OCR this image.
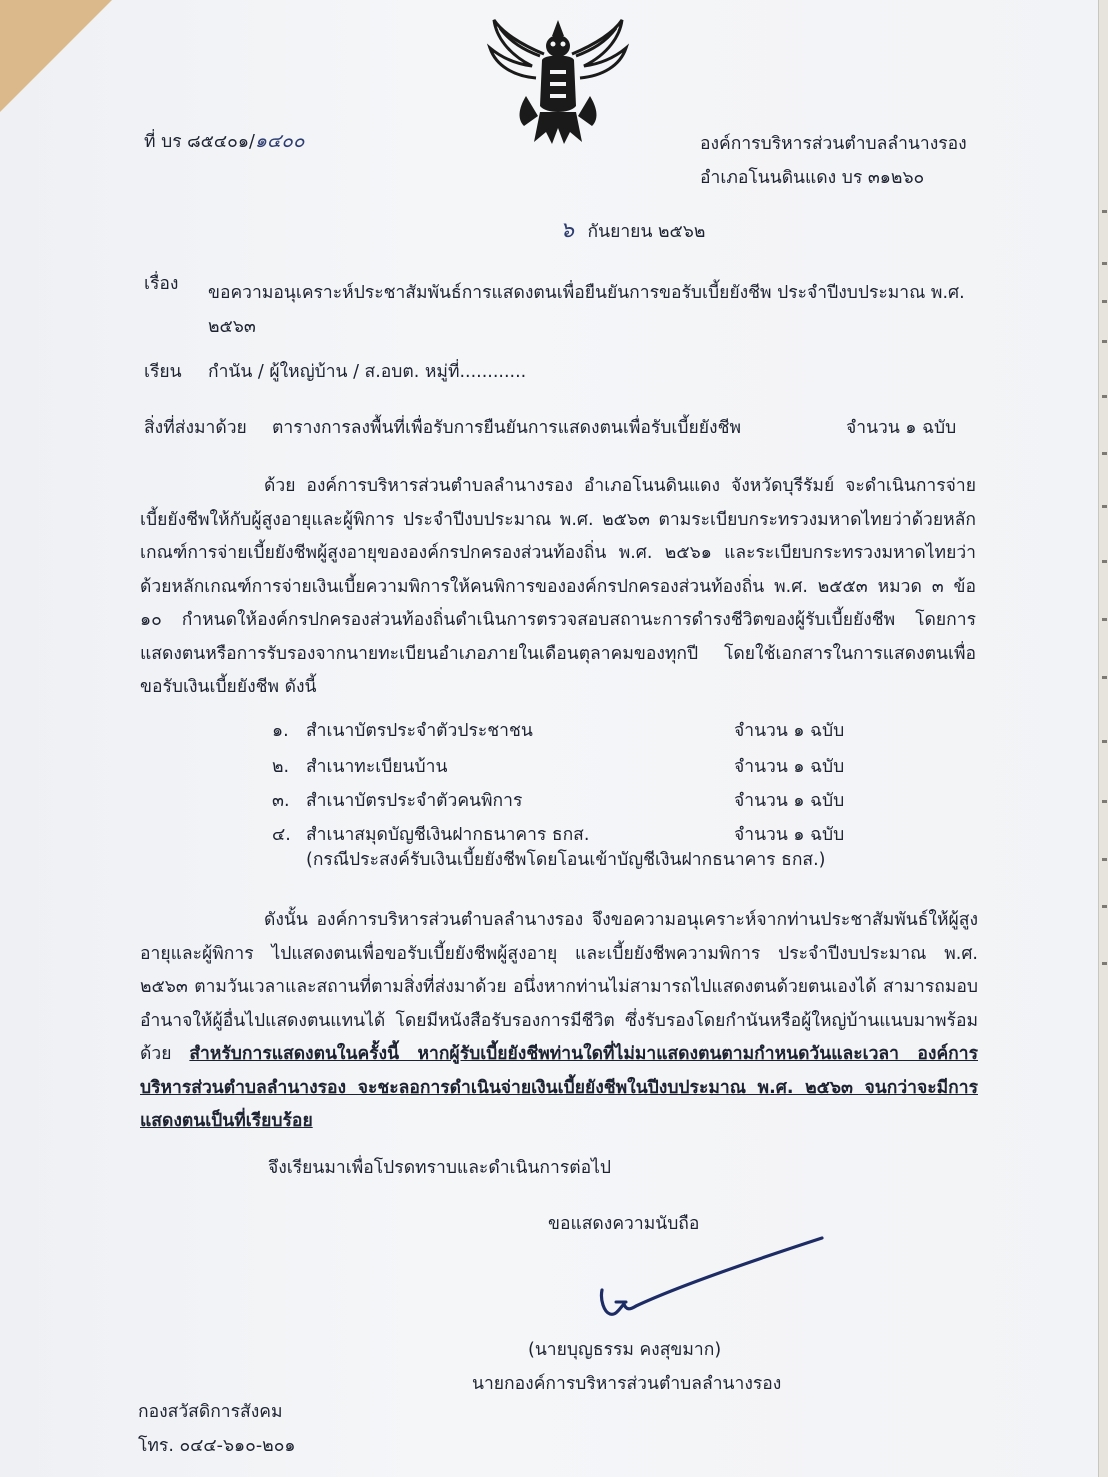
ที่ บร ๘๕๔๐๑/๑๔๐๐	องค์การบริหารส่วนตำบลลำนางรอง
อำเภอโนนดินแดง บร ๓๑๒๖๐
๖ กันยายน ๒๕๖๒
เรื่อง ขอความอนุเคราะห์ประชาสัมพันธ์การแสดงตนเพื่อยืนยันการขอรับเบี้ยยังชีพ ประจำปีงบประมาณ พ.ศ. ๒๕๖๓
เรียน กำนัน / ผู้ใหญ่บ้าน / ส.อบต. หมู่ที่............
สิ่งที่ส่งมาด้วย ตารางการลงพื้นที่เพื่อรับการยืนยันการแสดงตนเพื่อรับเบี้ยยังชีพ	จำนวน ๑ ฉบับ
ด้วย องค์การบริหารส่วนตำบลลำนางรอง อำเภอโนนดินแดง จังหวัดบุรีรัมย์ จะดำเนินการจ่ายเบี้ยยังชีพให้กับผู้สูงอายุและผู้พิการ ประจำปีงบประมาณ พ.ศ. ๒๕๖๓ ตามระเบียบกระทรวงมหาดไทยว่าด้วยหลักเกณฑ์การจ่ายเบี้ยยังชีพผู้สูงอายุขององค์กรปกครองส่วนท้องถิ่น พ.ศ. ๒๕๖๑ และระเบียบกระทรวงมหาดไทยว่าด้วยหลักเกณฑ์การจ่ายเงินเบี้ยความพิการให้คนพิการขององค์กรปกครองส่วนท้องถิ่น พ.ศ. ๒๕๕๓ หมวด ๓ ข้อ ๑๐ กำหนดให้องค์กรปกครองส่วนท้องถิ่นดำเนินการตรวจสอบสถานะการดำรงชีวิตของผู้รับเบี้ยยังชีพ โดยการแสดงตนหรือการรับรองจากนายทะเบียนอำเภอภายในเดือนตุลาคมของทุกปี โดยใช้เอกสารในการแสดงตนเพื่อขอรับเงินเบี้ยยังชีพ ดังนี้
๑. สำเนาบัตรประจำตัวประชาชน	จำนวน ๑ ฉบับ
๒. สำเนาทะเบียนบ้าน	จำนวน ๑ ฉบับ
๓. สำเนาบัตรประจำตัวคนพิการ	จำนวน ๑ ฉบับ
๔. สำเนาสมุดบัญชีเงินฝากธนาคาร ธกส.	จำนวน ๑ ฉบับ
(กรณีประสงค์รับเงินเบี้ยยังชีพโดยโอนเข้าบัญชีเงินฝากธนาคาร ธกส.)
ดังนั้น องค์การบริหารส่วนตำบลลำนางรอง จึงขอความอนุเคราะห์จากท่านประชาสัมพันธ์ให้ผู้สูงอายุและผู้พิการ ไปแสดงตนเพื่อขอรับเบี้ยยังชีพผู้สูงอายุ และเบี้ยยังชีพความพิการ ประจำปีงบประมาณ พ.ศ. ๒๕๖๓ ตามวันเวลาและสถานที่ตามสิ่งที่ส่งมาด้วย อนึ่งหากท่านไม่สามารถไปแสดงตนด้วยตนเองได้ สามารถมอบอำนาจให้ผู้อื่นไปแสดงตนแทนได้ โดยมีหนังสือรับรองการมีชีวิต ซึ่งรับรองโดยกำนันหรือผู้ใหญ่บ้านแนบมาพร้อมด้วย สำหรับการแสดงตนในครั้งนี้ หากผู้รับเบี้ยยังชีพท่านใดที่ไม่มาแสดงตนตามกำหนดวันและเวลา องค์การบริหารส่วนตำบลลำนางรอง จะชะลอการดำเนินจ่ายเงินเบี้ยยังชีพในปีงบประมาณ พ.ศ. ๒๕๖๓ จนกว่าจะมีการแสดงตนเป็นที่เรียบร้อย
จึงเรียนมาเพื่อโปรดทราบและดำเนินการต่อไป
ขอแสดงความนับถือ
(นายบุญธรรม คงสุขมาก)
นายกองค์การบริหารส่วนตำบลลำนางรอง
กองสวัสดิการสังคม
โทร. ๐๔๔-๖๑๐-๒๐๑
